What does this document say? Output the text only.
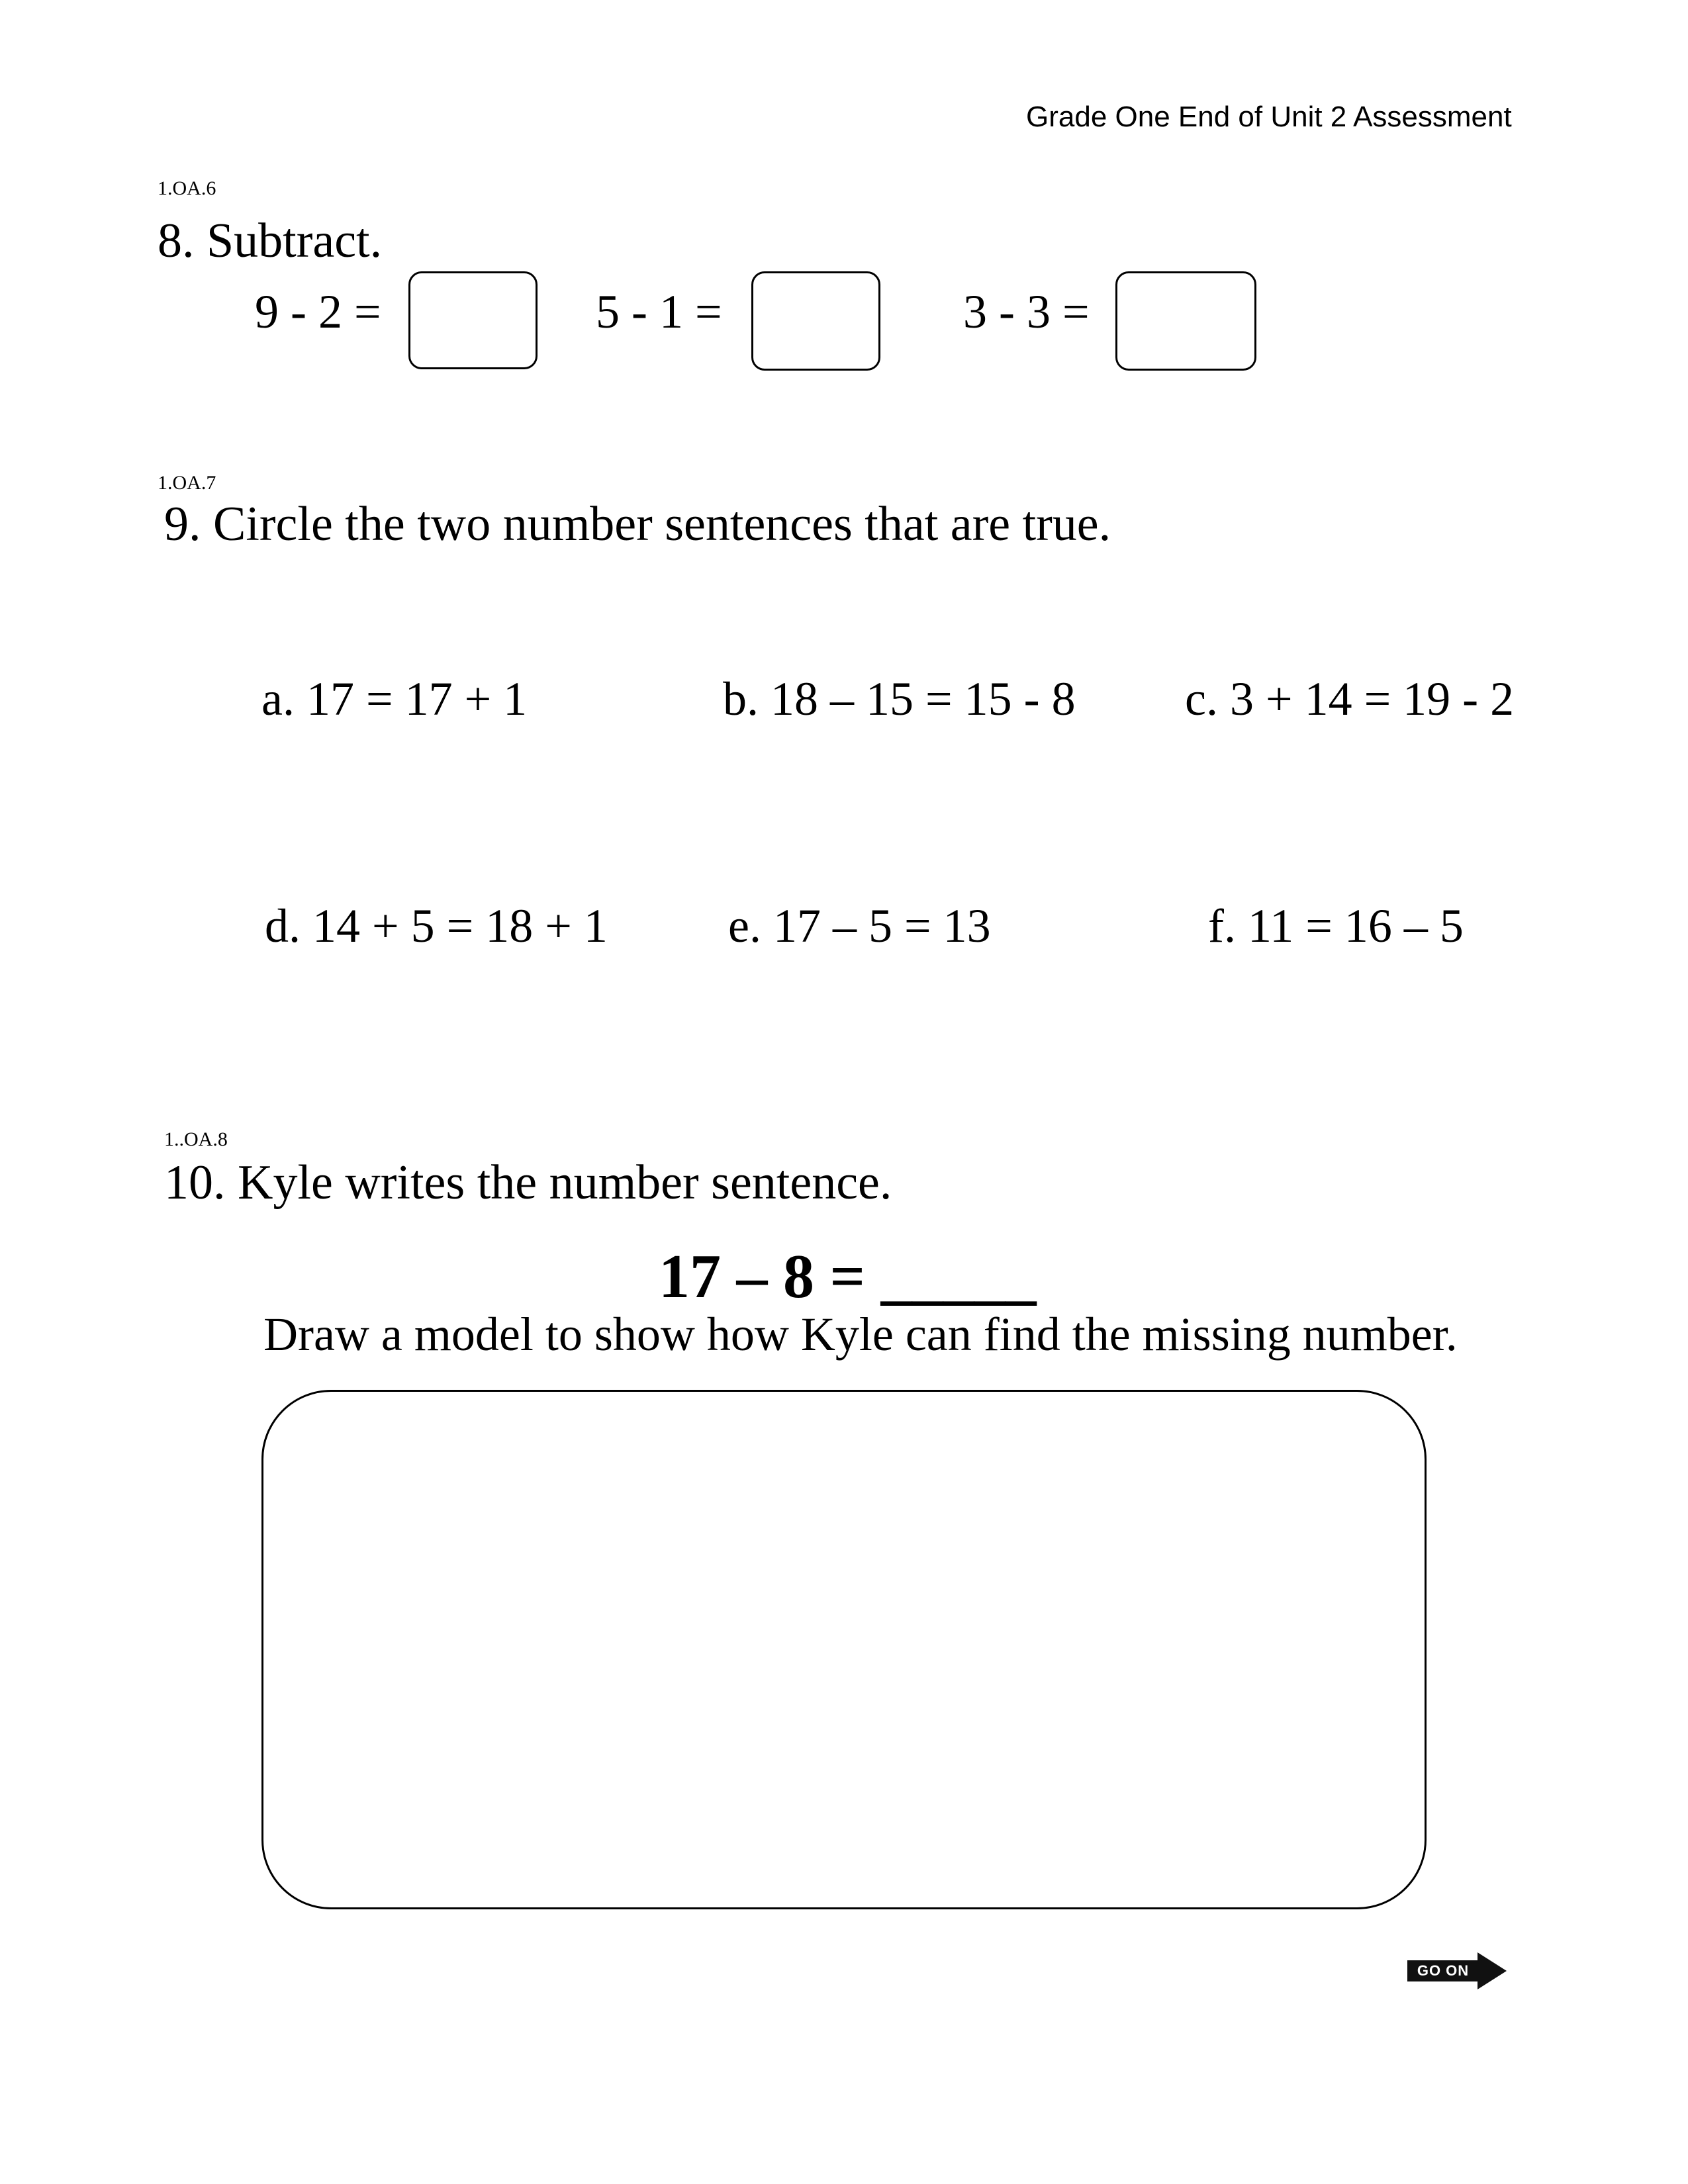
Grade One End of Unit 2 Assessment
1.OA.6
8. Subtract.
9 - 2 =	5 - 1 =	3 - 3 =
1.OA.7
9. Circle the two number sentences that are true.
a. 17 = 17 + 1	b. 18 – 15 = 15 - 8 c. 3 + 14 = 19 - 2
d. 14 + 5 = 18 + 1	e. 17 – 5 = 13	f. 11 = 16 – 5
1..OA.8
10. Kyle writes the number sentence.
17 – 8 = _____
Draw a model to show how Kyle can find the missing number.
GO ON
